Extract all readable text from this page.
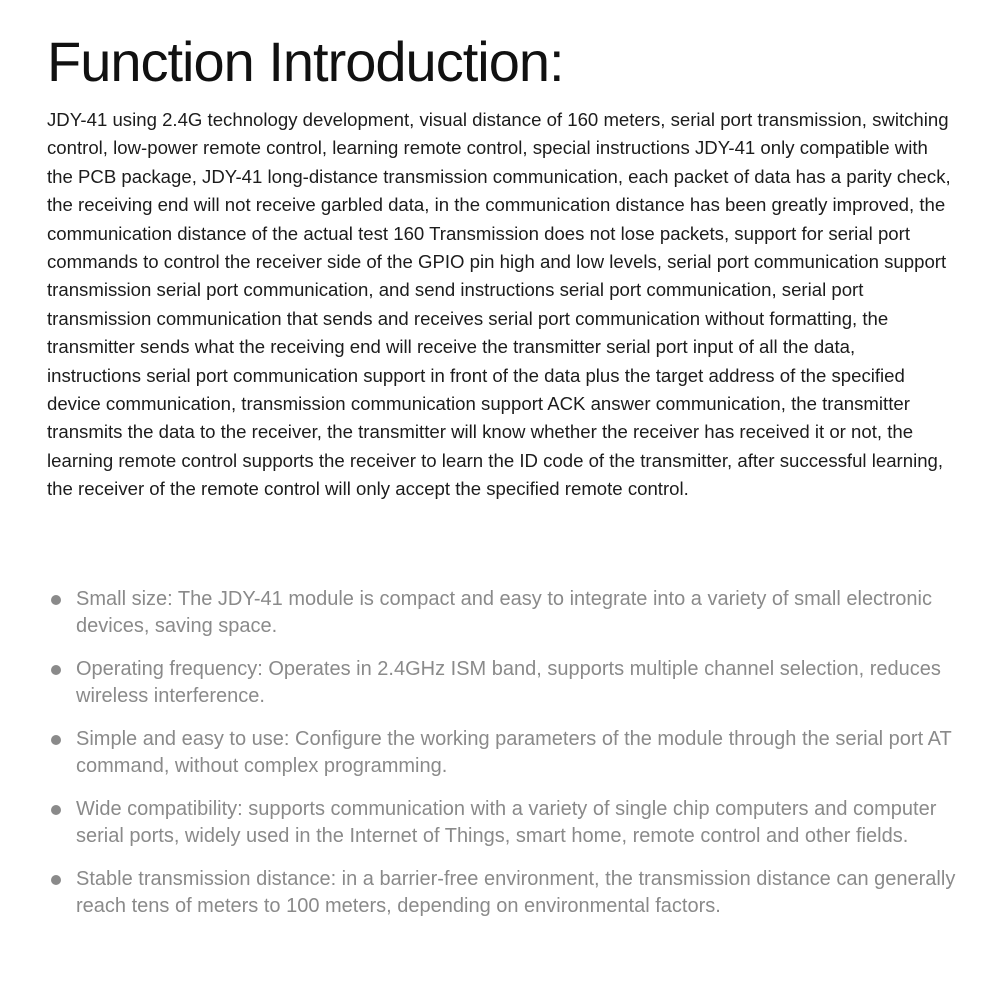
Function Introduction:

JDY-41 using 2.4G technology development, visual distance of 160 meters, serial port transmission, switching control, low-power remote control, learning remote control, special instructions JDY-41 only compatible with the PCB package, JDY-41 long-distance transmission communication, each packet of data has a parity check, the receiving end will not receive garbled data, in the communication distance has been greatly improved, the communication distance of the actual test 160 Transmission does not lose packets, support for serial port commands to control the receiver side of the GPIO pin high and low levels, serial port communication support transmission serial port communication, and send instructions serial port communication, serial port transmission communication that sends and receives serial port communication without formatting, the transmitter sends what the receiving end will receive the transmitter serial port input of all the data, instructions serial port communication support in front of the data plus the target address of the specified device communication, transmission communication support ACK answer communication, the transmitter transmits the data to the receiver, the transmitter will know whether the receiver has received it or not, the learning remote control supports the receiver to learn the ID code of the transmitter, after successful learning, the receiver of the remote control will only accept the specified remote control.

Small size: The JDY-41 module is compact and easy to integrate into a variety of small electronic devices, saving space.
Operating frequency: Operates in 2.4GHz ISM band, supports multiple channel selection, reduces wireless interference.
Simple and easy to use: Configure the working parameters of the module through the serial port AT command, without complex programming.
Wide compatibility: supports communication with a variety of single chip computers and computer serial ports, widely used in the Internet of Things, smart home, remote control and other fields.
Stable transmission distance: in a barrier-free environment, the transmission distance can generally reach tens of meters to 100 meters, depending on environmental factors.
